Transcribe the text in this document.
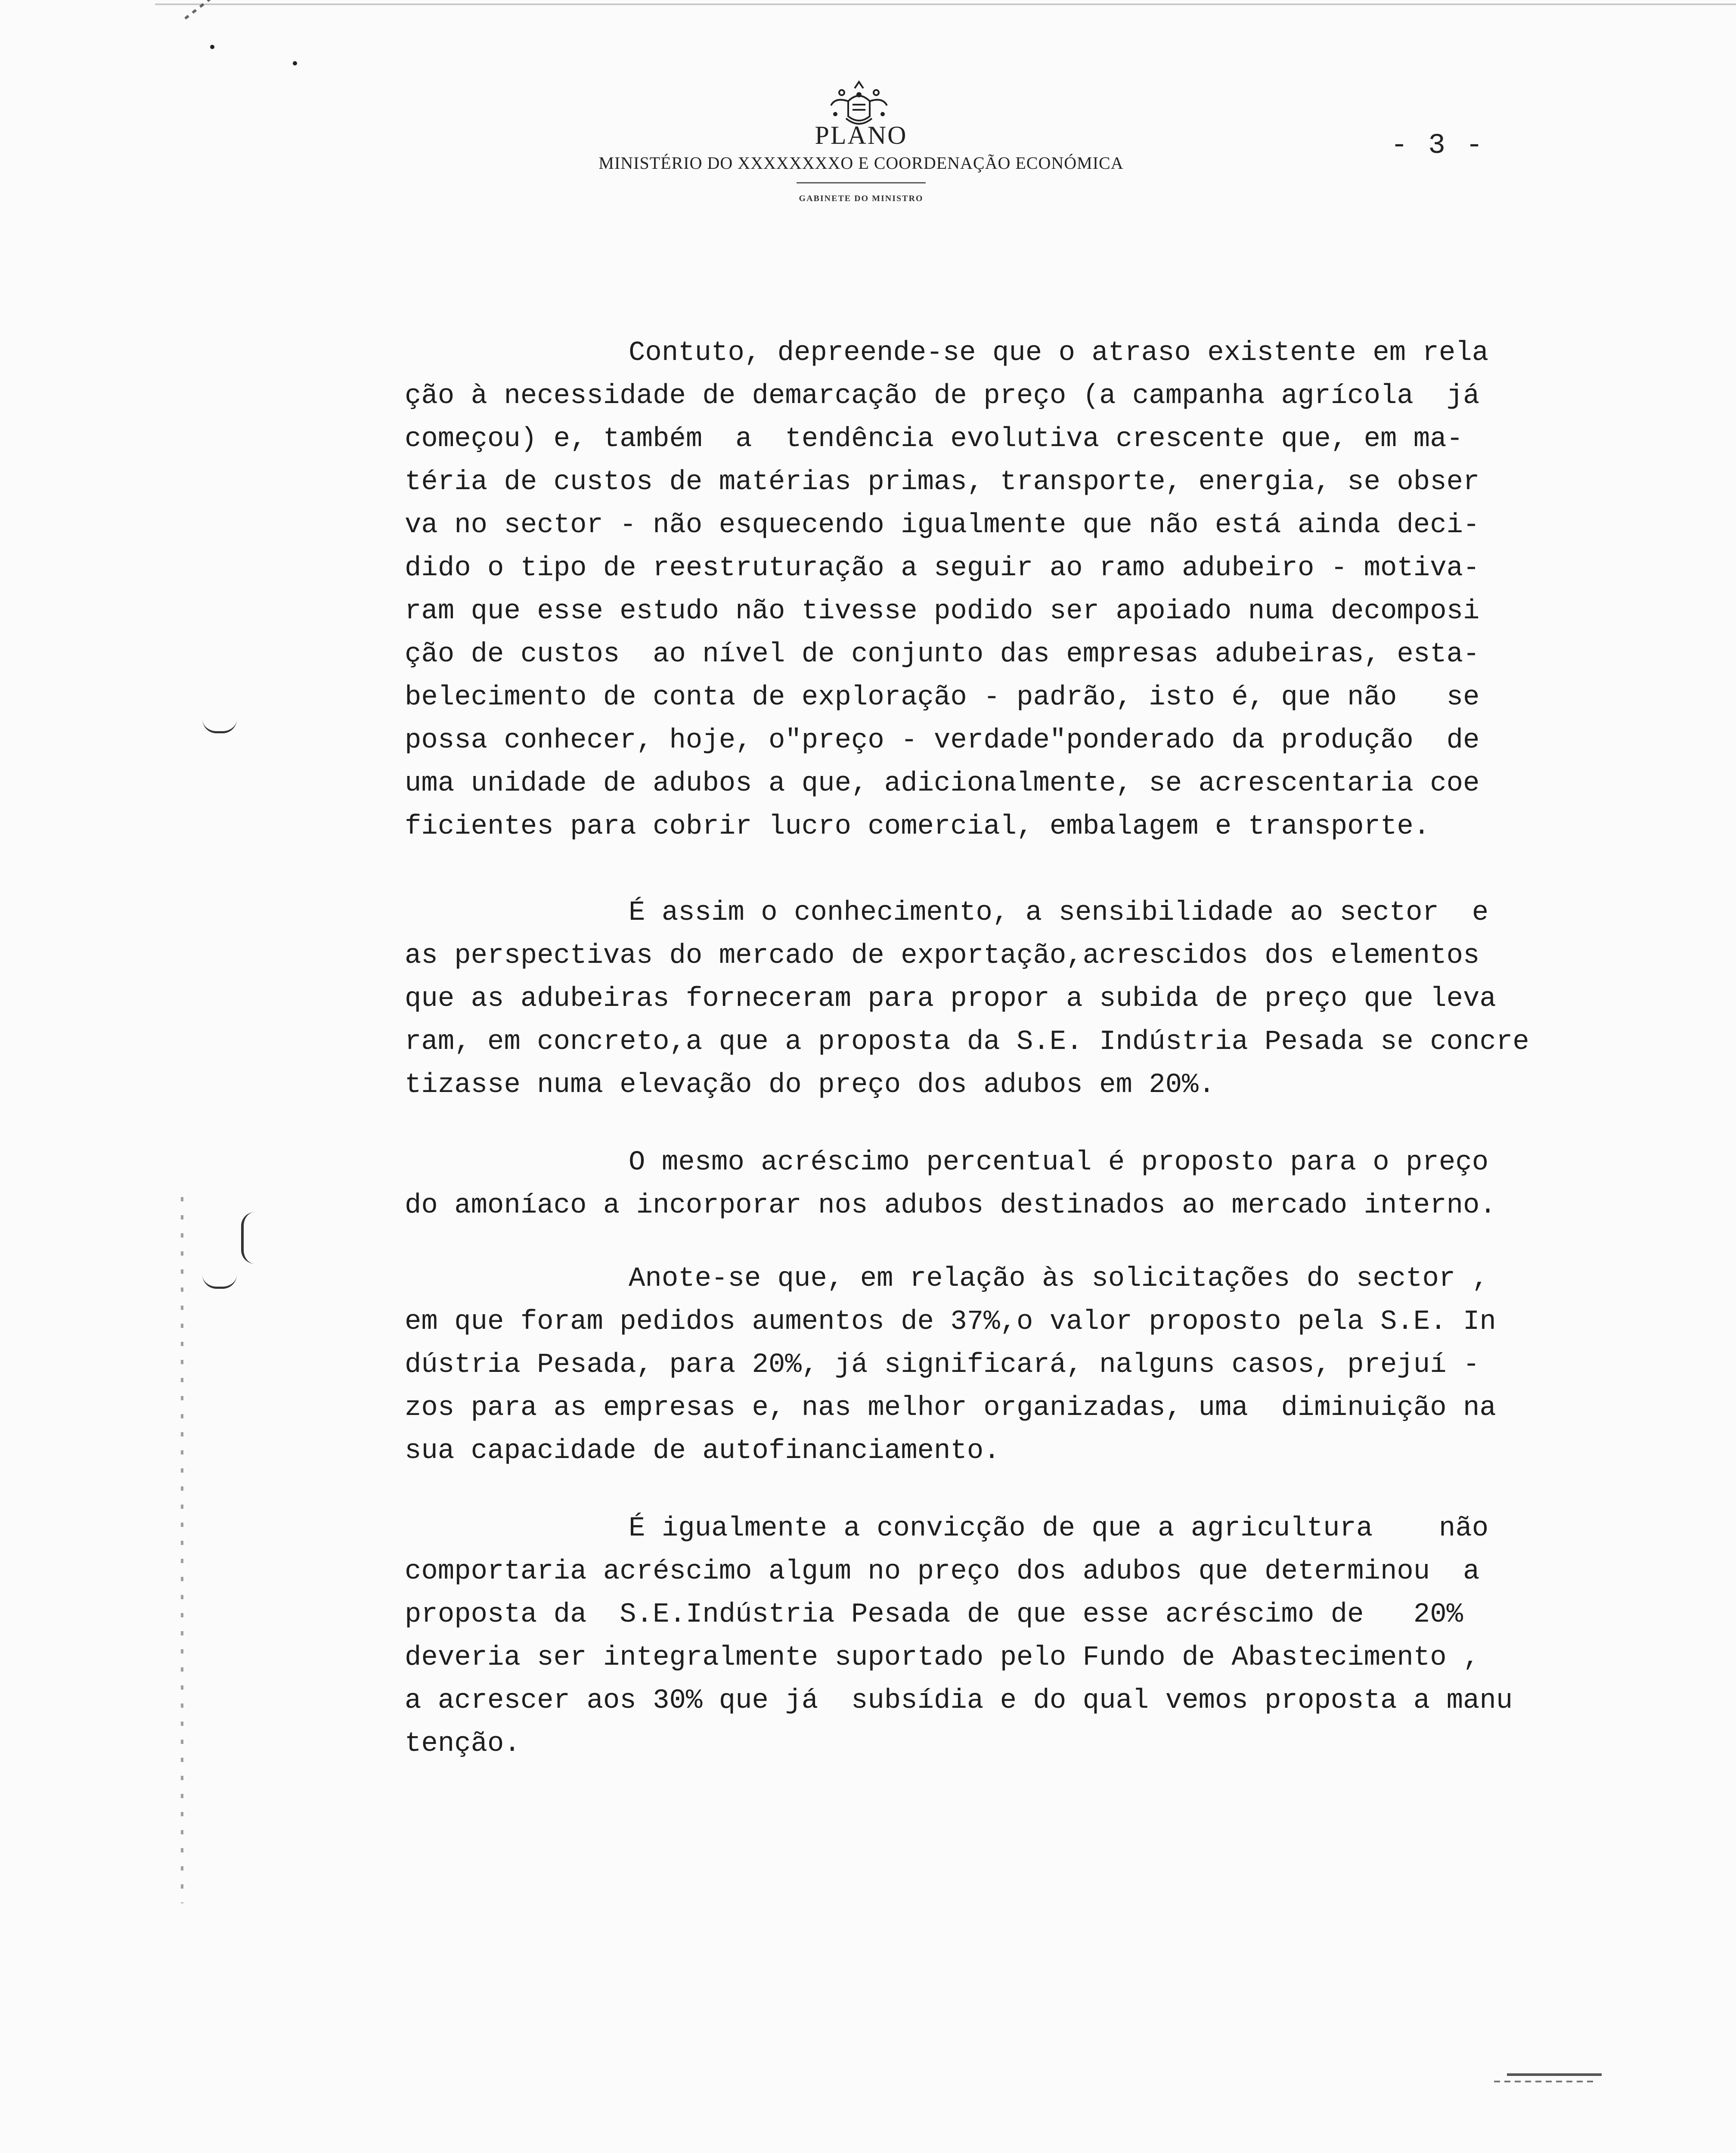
PLANO
MINISTÉRIO DO XXXXXXXXO E COORDENAÇÃO ECONÓMICA
GABINETE DO MINISTRO
- 3 -
Contuto, depreende-se que o atraso existente em rela
ção à necessidade de demarcação de preço (a campanha agrícola  já
começou) e, também  a  tendência evolutiva crescente que, em ma-
téria de custos de matérias primas, transporte, energia, se obser
va no sector - não esquecendo igualmente que não está ainda deci-
dido o tipo de reestruturação a seguir ao ramo adubeiro - motiva-
ram que esse estudo não tivesse podido ser apoiado numa decomposi
ção de custos  ao nível de conjunto das empresas adubeiras, esta-
belecimento de conta de exploração - padrão, isto é, que não   se
possa conhecer, hoje, o"preço - verdade"ponderado da produção  de
uma unidade de adubos a que, adicionalmente, se acrescentaria coe
ficientes para cobrir lucro comercial, embalagem e transporte.
É assim o conhecimento, a sensibilidade ao sector  e
as perspectivas do mercado de exportação,acrescidos dos elementos
que as adubeiras forneceram para propor a subida de preço que leva
ram, em concreto,a que a proposta da S.E. Indústria Pesada se concre
tizasse numa elevação do preço dos adubos em 20%.
O mesmo acréscimo percentual é proposto para o preço
do amoníaco a incorporar nos adubos destinados ao mercado interno.
Anote-se que, em relação às solicitações do sector ,
em que foram pedidos aumentos de 37%,o valor proposto pela S.E. In
dústria Pesada, para 20%, já significará, nalguns casos, prejuí -
zos para as empresas e, nas melhor organizadas, uma  diminuição na
sua capacidade de autofinanciamento.
É igualmente a convicção de que a agricultura    não
comportaria acréscimo algum no preço dos adubos que determinou  a
proposta da  S.E.Indústria Pesada de que esse acréscimo de   20%
deveria ser integralmente suportado pelo Fundo de Abastecimento ,
a acrescer aos 30% que já  subsídia e do qual vemos proposta a manu
tenção.
